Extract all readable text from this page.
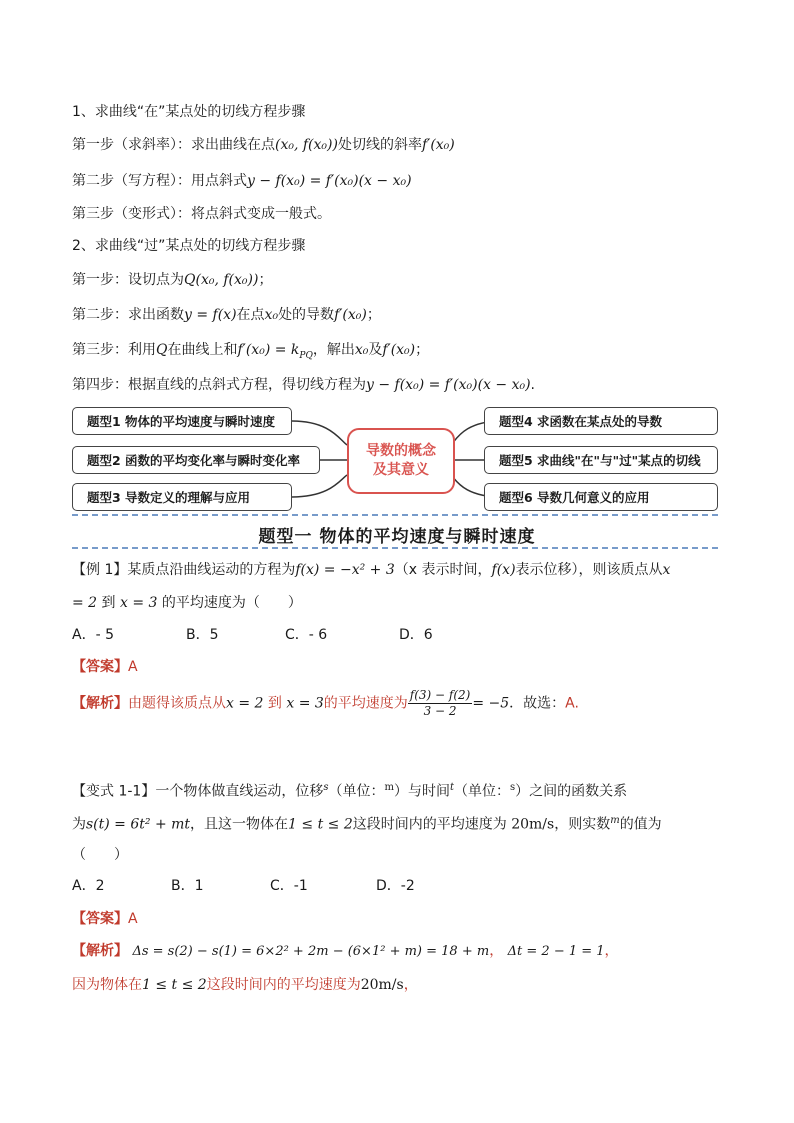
1、求曲线“在”某点处的切线方程步骤
第一步（求斜率）：求出曲线在点(x₀, f(x₀))处切线的斜率f′(x₀)
第二步（写方程）：用点斜式y − f(x₀) = f′(x₀)(x − x₀)
第三步（变形式）：将点斜式变成一般式。
2、求曲线“过”某点处的切线方程步骤
第一步：设切点为Q(x₀, f(x₀))；
第二步：求出函数y = f(x)在点x₀处的导数f′(x₀)；
第三步：利用Q在曲线上和$f'(x_0) = k_{PQ}$，解出x₀及f′(x₀)；
第四步：根据直线的点斜式方程，得切线方程为y − f(x₀) = f′(x₀)(x − x₀).
题型1 物体的平均速度与瞬时速度
题型2 函数的平均变化率与瞬时变化率
题型3 导数定义的理解与应用
导数的概念
及其意义
题型4 求函数在某点处的导数
题型5 求曲线"在"与"过"某点的切线
题型6 导数几何意义的应用
题型一 物体的平均速度与瞬时速度
【例 1】某质点沿曲线运动的方程为f(x) = −x² + 3（x 表示时间，f(x)表示位移），则该质点从x
= 2 到 x = 3 的平均速度为（　　）
A．- 5	B．5	C．- 6	D．6
【答案】A
【解析】由题得该质点从x = 2 到 x = 3的平均速度为 $\frac{f(3) - f(2)}{3 - 2} = -5$．故选：A.
【变式 1-1】一个物体做直线运动，位移$^s$（单位：$^m$）与时间$^t$（单位：$^s$）之间的函数关系
为s(t) = 6t² + mt，且这一物体在1 ≤ t ≤ 2这段时间内的平均速度为 20m/s，则实数$^m$的值为
（　　）
A．2	B．1	C．-1	D．-2
【答案】A
【解析】 Δs = s(2) − s(1) = 6×2² + 2m − (6×1² + m) = 18 + m， Δt = 2 − 1 = 1，
因为物体在1 ≤ t ≤ 2这段时间内的平均速度为20m/s，
